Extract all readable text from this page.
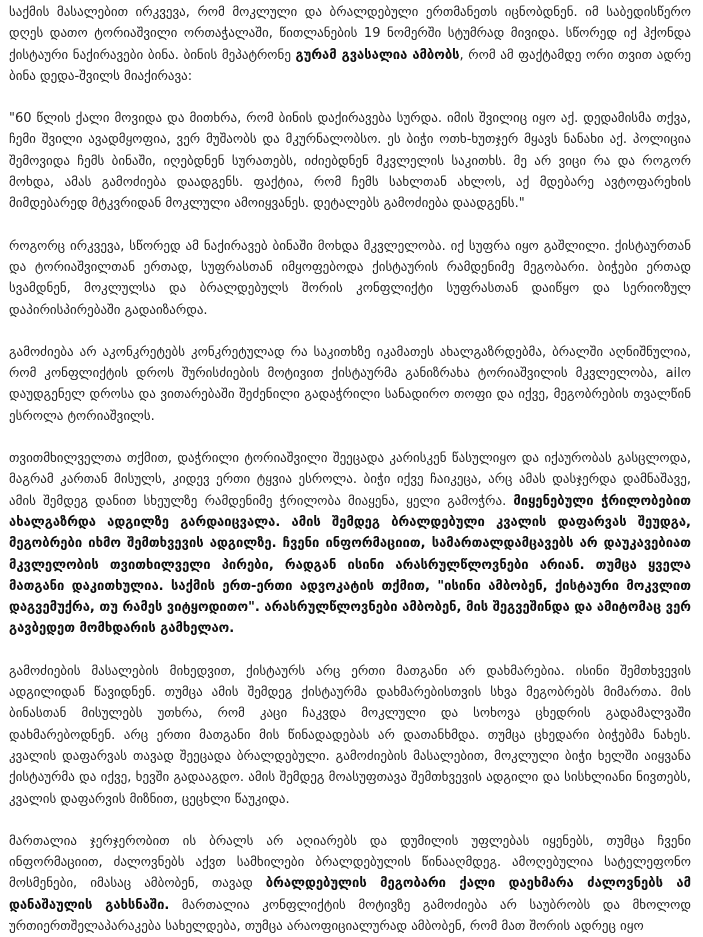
საქმის მასალებით ირკვევა, რომ მოკლული და ბრალდებული ერთმანეთს იცნობდნენ. იმ საბედისწერო დღეს დათო ტორიაშვილი ორთაჭალაში, წითლანების 19 ნომერში სტუმრად მივიდა. სწორედ იქ ჰქონდა ქისტაური ნაქირავები ბინა. ბინის მეპატრონე გურამ გვასალია ამბობს, რომ ამ ფაქტამდე ორი თვით ადრე ბინა დედა-შვილს მიაქირავა:

"60 წლის ქალი მოვიდა და მითხრა, რომ ბინის დაქირავება სურდა. იმის შვილიც იყო აქ. დედამისმა თქვა, ჩემი შვილი ავადმყოფია, ვერ მუშაობს და მკურნალობსო. ეს ბიჭი ოთხ-ხუთჯერ მყავს ნანახი აქ. პოლიცია შემოვიდა ჩემს ბინაში, იღებდნენ სურათებს, იძიებდნენ მკვლელის საკითხს. მე არ ვიცი რა და როგორ მოხდა, ამას გამოძიება დაადგენს. ფაქტია, რომ ჩემს სახლთან ახლოს, აქ მდებარე ავტოფარეხის მიმდებარედ მტკვრიდან მოკლული ამოიყვანეს. დეტალებს გამოძიება დაადგენს."

როგორც ირკვევა, სწორედ ამ ნაქირავებ ბინაში მოხდა მკვლელობა. იქ სუფრა იყო გაშლილი. ქისტაურთან და ტორიაშვილთან ერთად, სუფრასთან იმყოფებოდა ქისტაურის რამდენიმე მეგობარი. ბიჭები ერთად სვამდნენ, მოკლულსა და ბრალდებულს შორის კონფლიქტი სუფრასთან დაიწყო და სერიოზულ დაპირისპირებაში გადაიზარდა.

გამოძიება არ აკონკრეტებს კონკრეტულად რა საკითხზე იკამათეს ახალგაზრდებმა, ბრალში აღნიშნულია, რომ კონფლიქტის დროს შურისძიების მოტივით ქისტაურმა განიზრახა ტორიაშვილის მკვლელობა, ailო დაუდგენელ დროსა და ვითარებაში შეძენილი გადაჭრილი სანადირო თოფი და იქვე, მეგობრების თვალწინ ესროლა ტორიაშვილს.

თვითმხილველთა თქმით, დაჭრილი ტორიაშვილი შეეცადა კარისკენ წასულიყო და იქაურობას გასცლოდა, მაგრამ კართან მისულს, კიდევ ერთი ტყვია ესროლა. ბიჭი იქვე ჩაიკეცა, არც ამას დასჯერდა დამნაშავე, ამის შემდეგ დანით სხეულზე რამდენიმე ჭრილობა მიაყენა, ყელი გამოჭრა. მიყენებული ჭრილობებით ახალგაზრდა ადგილზე გარდაიცვალა. ამის შემდეგ ბრალდებული კვალის დაფარვას შეუდგა, მეგობრები იხმო შემთხვევის ადგილზე. ჩვენი ინფორმაციით, სამართალდამცავებს არ დაუკავებიათ მკვლელობის თვითხილველი პირები, რადგან ისინი არასრულწლოვნები არიან. თუმცა ყველა მათგანი დაკითხულია. საქმის ერთ-ერთი ადვოკატის თქმით, "ისინი ამბობენ, ქისტაური მოკვლით დაგვემუქრა, თუ რამეს ვიტყოდითო". არასრულწლოვნები ამბობენ, მის შეგვეშინდა და ამიტომაც ვერ გავბედეთ მომხდარის გამხელაო.

გამოძიების მასალების მიხედვით, ქისტაურს არც ერთი მათგანი არ დახმარებია. ისინი შემთხვევის ადგილიდან წავიდნენ. თუმცა ამის შემდეგ ქისტაურმა დახმარებისთვის სხვა მეგობრებს მიმართა. მის ბინასთან მისულებს უთხრა, რომ კაცი ჩაკვდა მოკლული და სოხოვა ცხედრის გადამალვაში დახმარებოდნენ. არც ერთი მათგანი მის წინადადებას არ დათანხმდა. თუმცა ცხედარი ბიჭებმა ნახეს. კვალის დაფარვას თავად შეეცადა ბრალდებული. გამოძიების მასალებით, მოკლული ბიჭი ხელში აიყვანა ქისტაურმა და იქვე, ხევში გადააგდო. ამის შემდეგ მოასუფთავა შემთხვევის ადგილი და სისხლიანი ნივთებს, კვალის დაფარვის მიზნით, ცეცხლი წაუკიდა.

მართალია ჯერჯერობით ის ბრალს არ აღიარებს და დუმილის უფლებას იყენებს, თუმცა ჩვენი ინფორმაციით, ძალოვნებს აქვთ სამხილები ბრალდებულის წინააღმდეგ. ამოღებულია სატელეფონო მოსმენები, იმასაც ამბობენ, თავად ბრალდებულის მეგობარი ქალი დაეხმარა ძალოვნებს ამ დანაშაულის გახსნაში. მართალია კონფლიქტის მოტივზე გამოძიება არ საუბრობს და მხოლოდ ურთიერთშელაპარაკება სახელდება, თუმცა არაოფიციალურად ამბობენ, რომ მათ შორის ადრეც იყო
